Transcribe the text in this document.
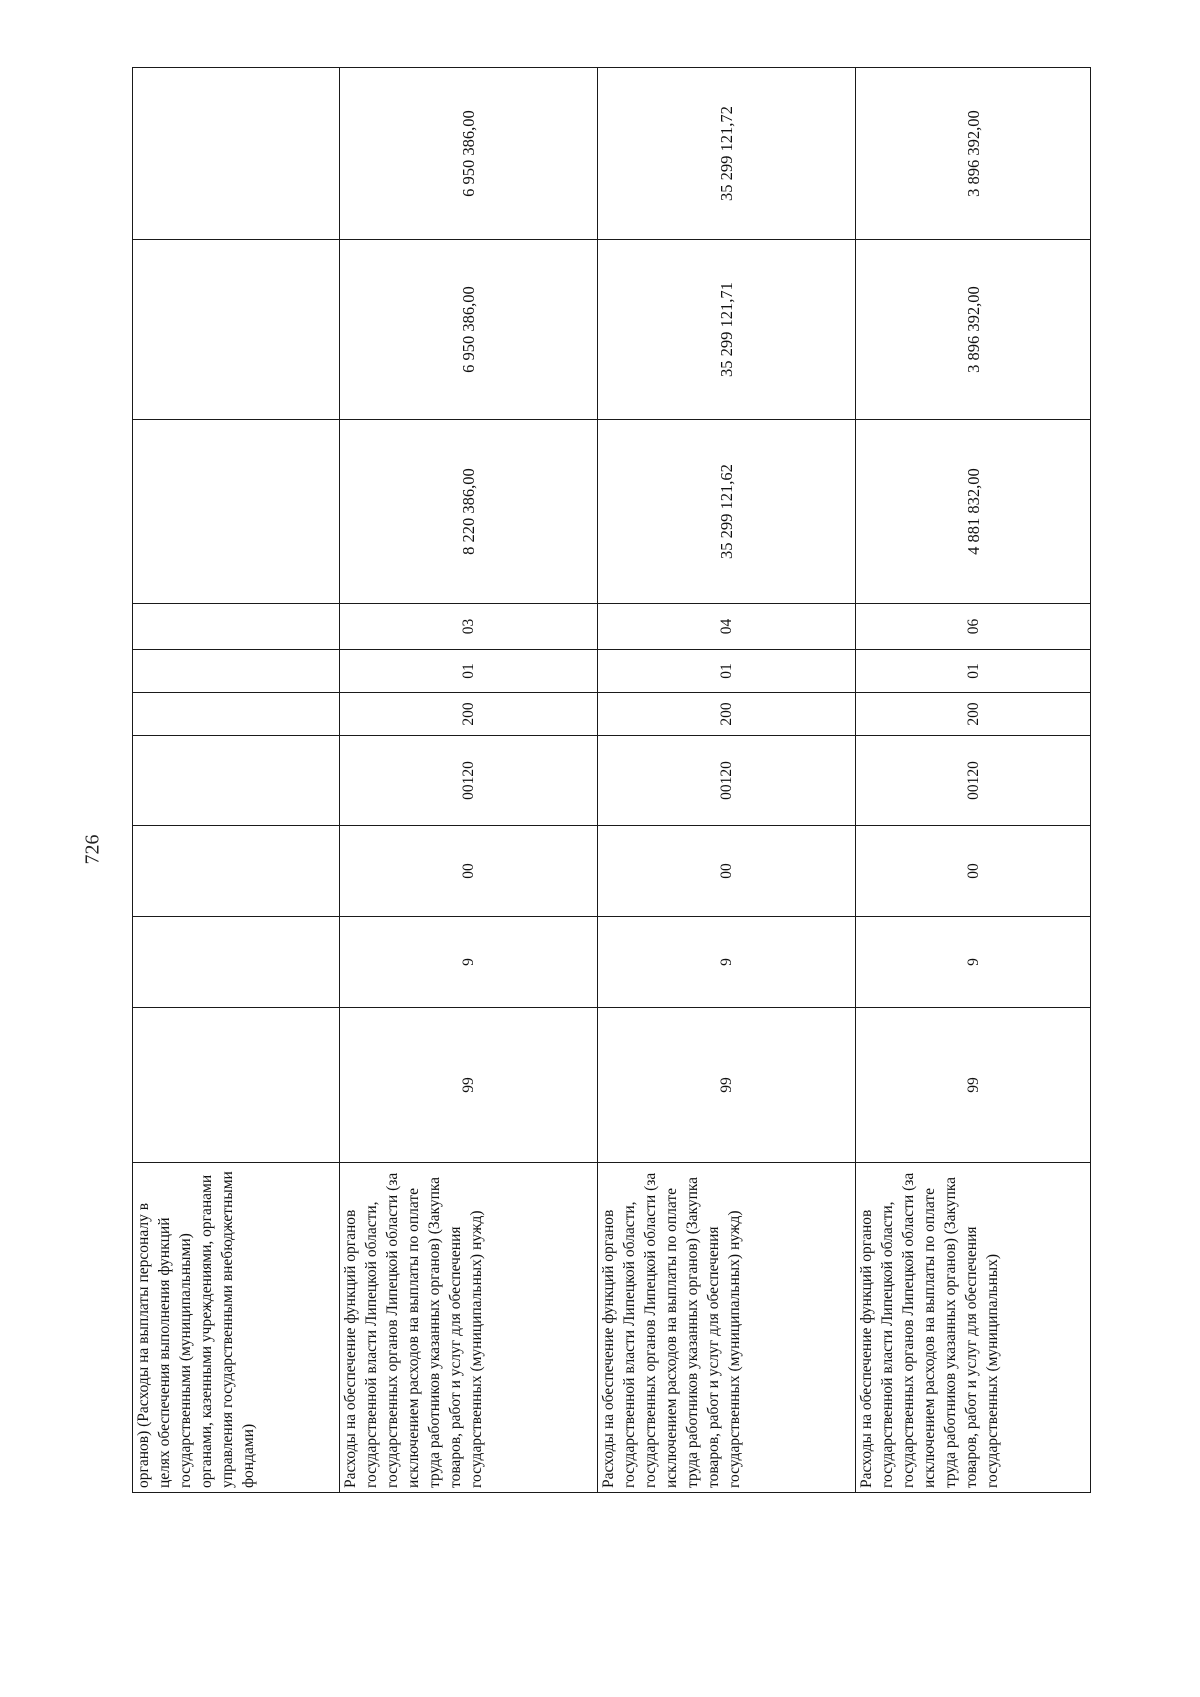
726
органов) (Расходы на выплаты персоналу в целях обеспечения выполнения функций государственными (муниципальными) органами, казенными учреждениями, органами управления государственными внебюджетными фондами)										
Расходы на обеспечение функций органов государственной власти Липецкой области, государственных органов Липецкой области (за исключением расходов на выплаты по оплате труда работников указанных органов) (Закупка товаров, работ и услуг для обеспечения государственных (муниципальных) нужд)	99	9	00	00120	200	01	03	8 220 386,00	6 950 386,00	6 950 386,00
Расходы на обеспечение функций органов государственной власти Липецкой области, государственных органов Липецкой области (за исключением расходов на выплаты по оплате труда работников указанных органов) (Закупка товаров, работ и услуг для обеспечения государственных (муниципальных) нужд)	99	9	00	00120	200	01	04	35 299 121,62	35 299 121,71	35 299 121,72
Расходы на обеспечение функций органов государственной власти Липецкой области, государственных органов Липецкой области (за исключением расходов на выплаты по оплате труда работников указанных органов) (Закупка товаров, работ и услуг для обеспечения государственных (муниципальных)	99	9	00	00120	200	01	06	4 881 832,00	3 896 392,00	3 896 392,00
